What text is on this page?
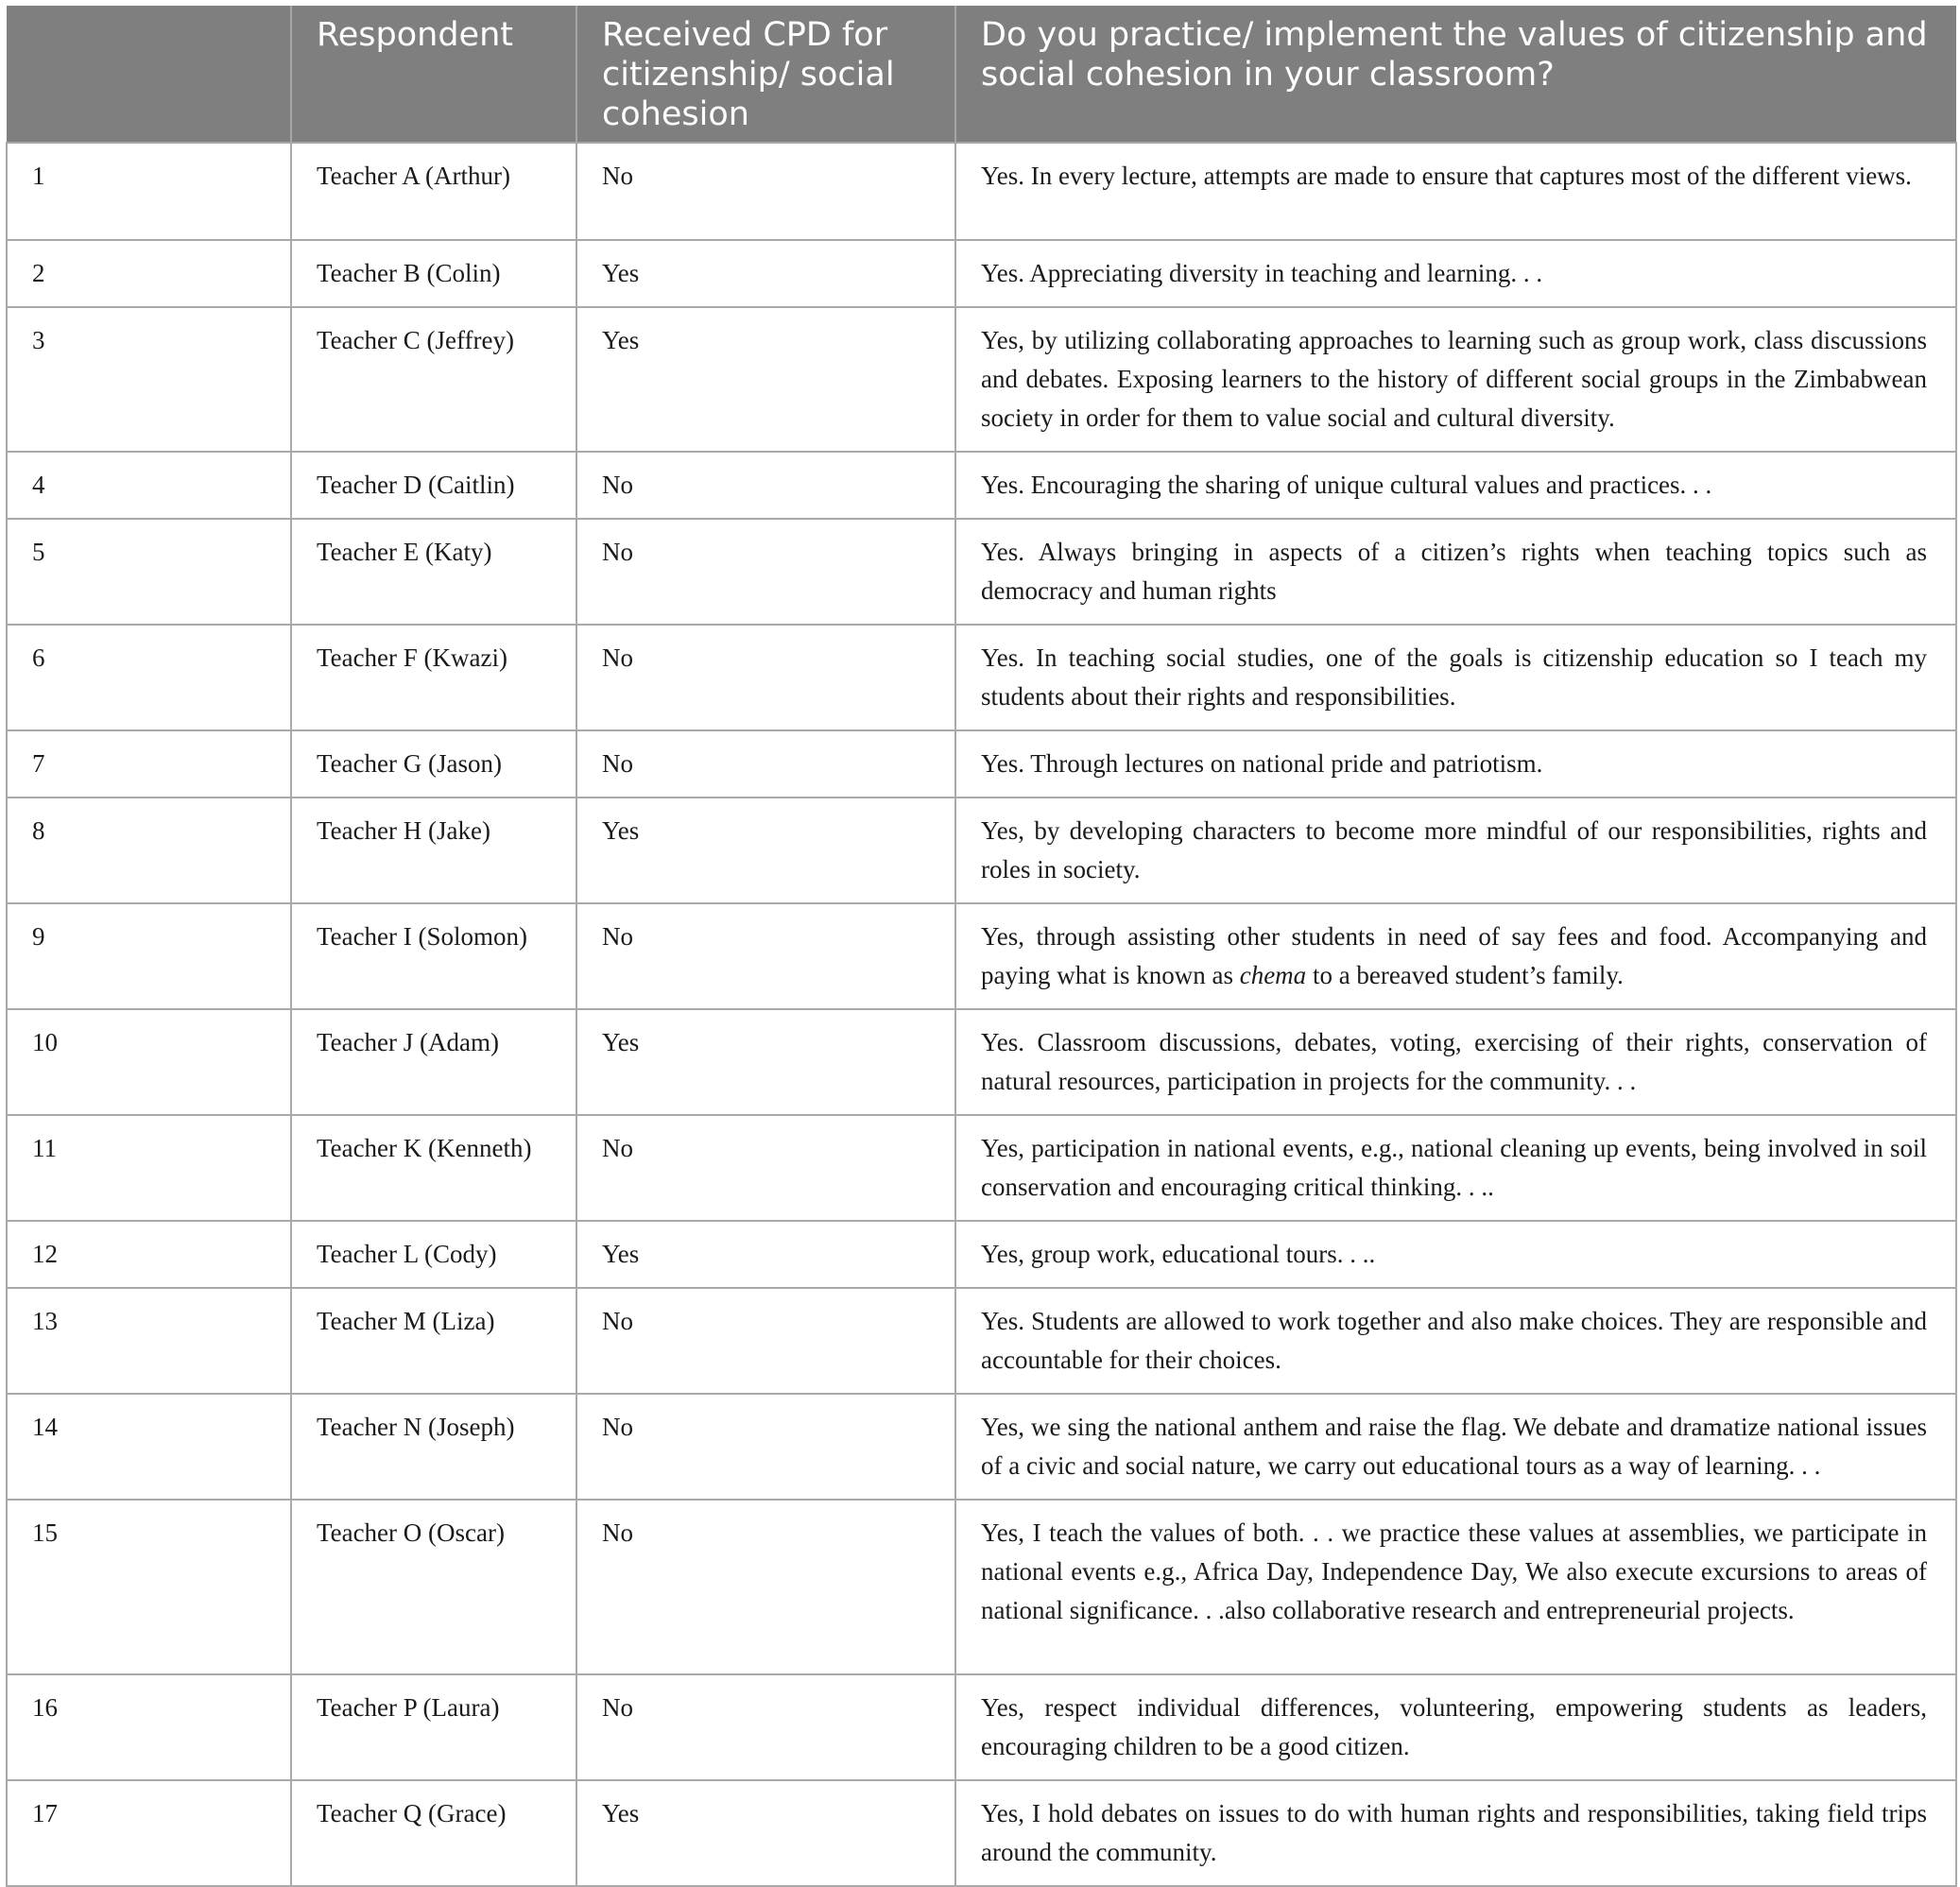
	Respondent	Received CPD for citizenship/ social cohesion	Do you practice/ implement the values of citizenship and social cohesion in your classroom?
1	Teacher A (Arthur)	No	Yes. In every lecture, attempts are made to ensure that captures most of the different views.
2	Teacher B (Colin)	Yes	Yes. Appreciating diversity in teaching and learning. . .
3	Teacher C (Jeffrey)	Yes	Yes, by utilizing collaborating approaches to learning such as group work, class discussions and debates. Exposing learners to the history of different social groups in the Zimbabwean society in order for them to value social and cultural diversity.
4	Teacher D (Caitlin)	No	Yes. Encouraging the sharing of unique cultural values and practices. . .
5	Teacher E (Katy)	No	Yes. Always bringing in aspects of a citizen’s rights when teaching topics such as democracy and human rights
6	Teacher F (Kwazi)	No	Yes. In teaching social studies, one of the goals is citizenship education so I teach my students about their rights and responsibilities.
7	Teacher G (Jason)	No	Yes. Through lectures on national pride and patriotism.
8	Teacher H (Jake)	Yes	Yes, by developing characters to become more mindful of our responsibilities, rights and roles in society.
9	Teacher I (Solomon)	No	Yes, through assisting other students in need of say fees and food. Accompanying and paying what is known as chema to a bereaved student’s family.
10	Teacher J (Adam)	Yes	Yes. Classroom discussions, debates, voting, exercising of their rights, conservation of natural resources, participation in projects for the community. . .
11	Teacher K (Kenneth)	No	Yes, participation in national events, e.g., national cleaning up events, being involved in soil conservation and encouraging critical thinking. . ..
12	Teacher L (Cody)	Yes	Yes, group work, educational tours. . ..
13	Teacher M (Liza)	No	Yes. Students are allowed to work together and also make choices. They are responsible and accountable for their choices.
14	Teacher N (Joseph)	No	Yes, we sing the national anthem and raise the flag. We debate and dramatize national issues of a civic and social nature, we carry out educational tours as a way of learning. . .
15	Teacher O (Oscar)	No	Yes, I teach the values of both. . . we practice these values at assemblies, we participate in national events e.g., Africa Day, Independence Day, We also execute excursions to areas of national significance. . .also collaborative research and entrepreneurial projects.
16	Teacher P (Laura)	No	Yes, respect individual differences, volunteering, empowering students as leaders, encouraging children to be a good citizen.
17	Teacher Q (Grace)	Yes	Yes, I hold debates on issues to do with human rights and responsibilities, taking field trips around the community.
